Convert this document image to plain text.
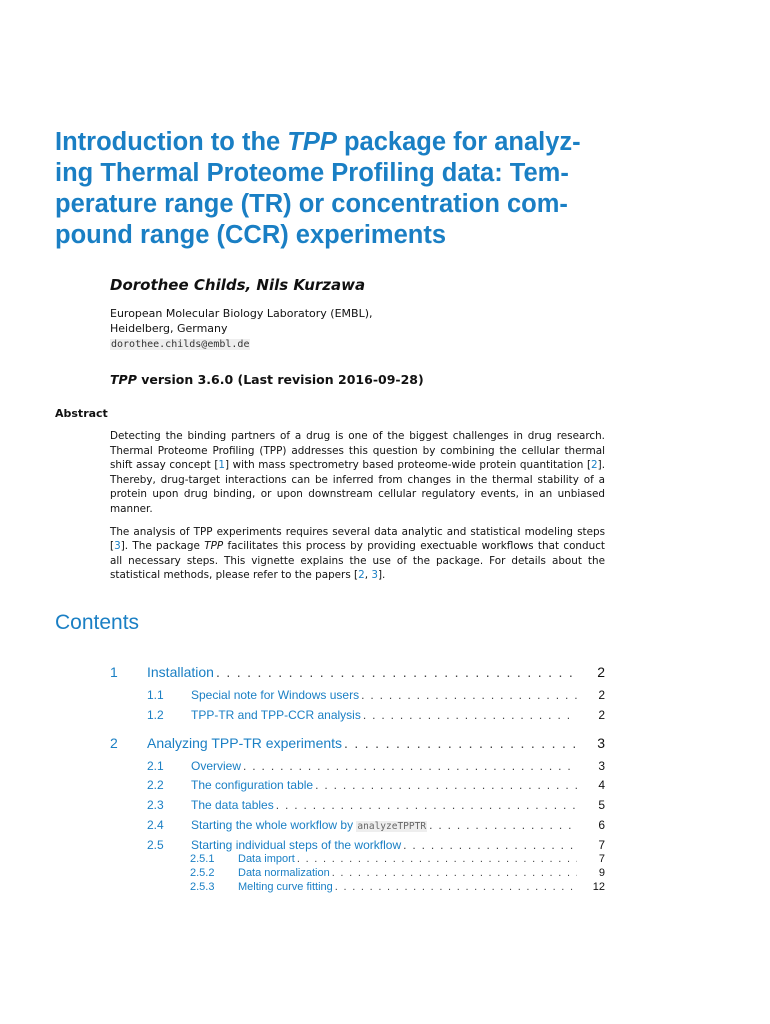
Introduction to the TPP package for analyz-
ing Thermal Proteome Profiling data: Tem-
perature range (TR) or concentration com-
pound range (CCR) experiments
Dorothee Childs, Nils Kurzawa
European Molecular Biology Laboratory (EMBL),
Heidelberg, Germany
dorothee.childs@embl.de
TPP version 3.6.0 (Last revision 2016-09-28)
Abstract

Detecting the binding partners of a drug is one of the biggest challenges in drug research. Thermal Proteome Profiling (TPP) addresses this question by combining the cellular thermal shift assay concept [1] with mass spectrometry based proteome-wide protein quantitation [2]. Thereby, drug-target interactions can be inferred from changes in the thermal stability of a protein upon drug binding, or upon downstream cellular regulatory events, in an unbiased manner.

The analysis of TPP experiments requires several data analytic and statistical modeling steps [3]. The package TPP facilitates this process by providing exectuable workflows that conduct all necessary steps. This vignette explains the use of the package. For details about the statistical methods, please refer to the papers [2, 3].

Contents
1	Installation . . .	2
1.1	Special note for Windows users . . .	2
1.2	TPP-TR and TPP-CCR analysis . . .	2
2	Analyzing TPP-TR experiments . . .	3
2.1	Overview . . .	3
2.2	The configuration table . . .	4
2.3	The data tables . . .	5
2.4	Starting the whole workflow by analyzeTPPTR . . .	6
2.5	Starting individual steps of the workflow . . .	7
2.5.1	Data import . . .	7
2.5.2	Data normalization . . .	9
2.5.3	Melting curve fitting . . .	12
